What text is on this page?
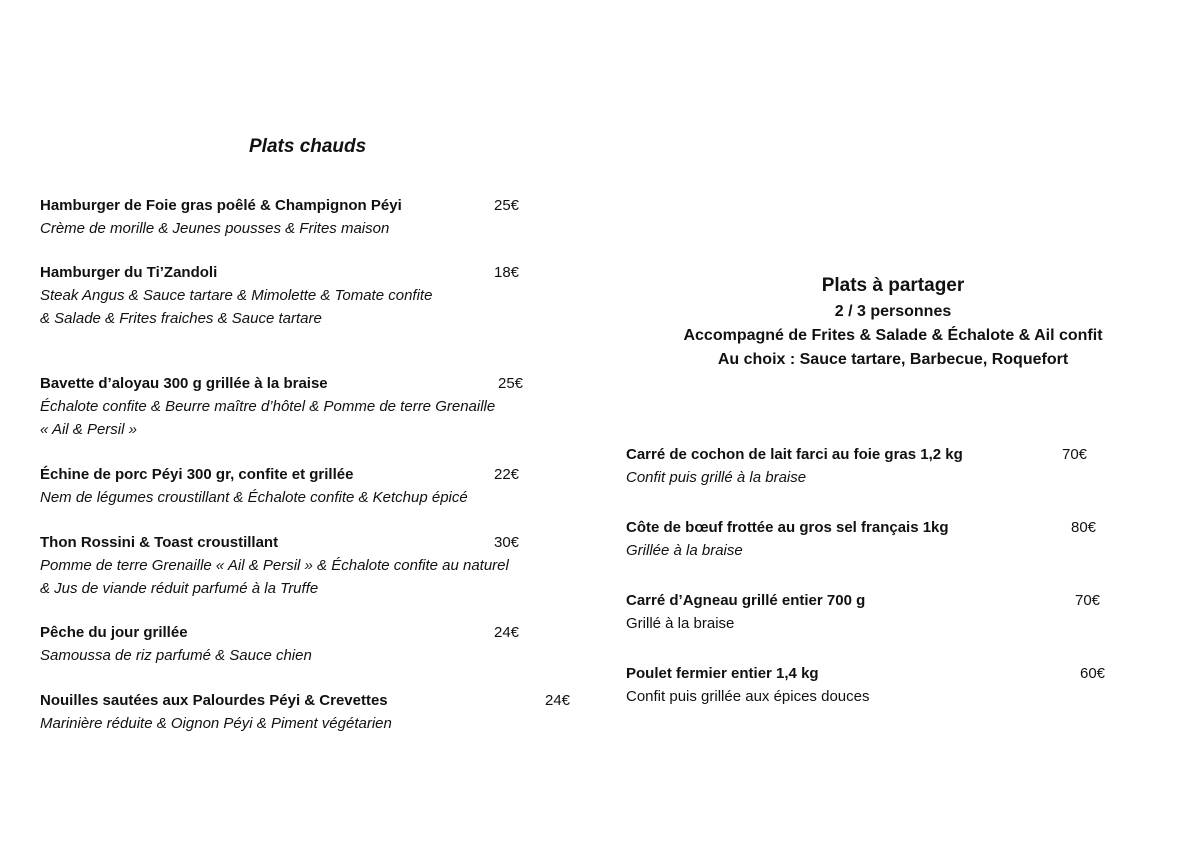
Plats chauds
Hamburger de Foie gras poêlé & Champignon Péyi	25€
Crème de morille & Jeunes pousses & Frites maison
Hamburger du Ti’Zandoli	18€
Steak Angus & Sauce tartare & Mimolette & Tomate confite
& Salade & Frites fraiches & Sauce tartare
Bavette d’aloyau 300 g grillée à la braise	25€
Échalote confite & Beurre maître d’hôtel & Pomme de terre Grenaille
« Ail & Persil »
Échine de porc Péyi 300 gr, confite et grillée	22€
Nem de légumes croustillant & Échalote confite & Ketchup épicé
Thon Rossini & Toast croustillant	30€
Pomme de terre Grenaille « Ail & Persil » & Échalote confite au naturel
& Jus de viande réduit parfumé à la Truffe
Pêche du jour grillée	24€
Samoussa de riz parfumé & Sauce chien
Nouilles sautées aux Palourdes Péyi & Crevettes	24€
Marinière réduite & Oignon Péyi & Piment végétarien
Plats à partager
2 / 3 personnes
Accompagné de Frites & Salade & Échalote & Ail confit
Au choix : Sauce tartare, Barbecue, Roquefort
Carré de cochon de lait farci au foie gras 1,2 kg	70€
Confit puis grillé à la braise
Côte de bœuf frottée au gros sel français 1kg	80€
Grillée à la braise
Carré d’Agneau grillé entier 700 g	70€
Grillé à la braise
Poulet fermier entier 1,4 kg	60€
Confit puis grillée aux épices douces
